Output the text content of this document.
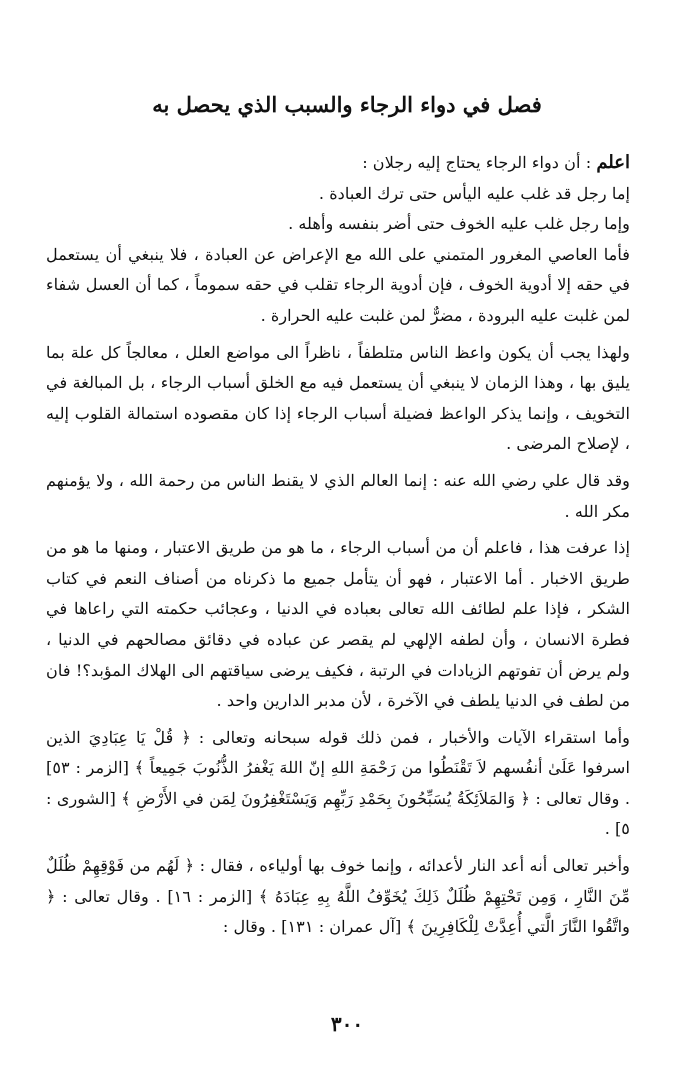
فصل في دواء الرجاء والسبب الذي يحصل به

اعلم : أن دواء الرجاء يحتاج إليه رجلان :

إما رجل قد غلب عليه اليأس حتى ترك العبادة .

وإما رجل غلب عليه الخوف حتى أضر بنفسه وأهله .

فأما العاصي المغرور المتمني على الله مع الإعراض عن العبادة ، فلا ينبغي أن يستعمل في حقه إلا أدوية الخوف ، فإن أدوية الرجاء تقلب في حقه سموماً ، كما أن العسل شفاء لمن غلبت عليه البرودة ، مضرٌّ لمن غلبت عليه الحرارة .

ولهذا يجب أن يكون واعظ الناس متلطفاً ، ناظراً الى مواضع العلل ، معالجاً كل علة بما يليق بها ، وهذا الزمان لا ينبغي أن يستعمل فيه مع الخلق أسباب الرجاء ، بل المبالغة في التخويف ، وإنما يذكر الواعظ فضيلة أسباب الرجاء إذا كان مقصوده استمالة القلوب إليه ، لإصلاح المرضى .

وقد قال علي رضي الله عنه : إنما العالم الذي لا يقنط الناس من رحمة الله ، ولا يؤمنهم مكر الله .

إذا عرفت هذا ، فاعلم أن من أسباب الرجاء ، ما هو من طريق الاعتبار ، ومنها ما هو من طريق الاخبار . أما الاعتبار ، فهو أن يتأمل جميع ما ذكرناه من أصناف النعم في كتاب الشكر ، فإذا علم لطائف الله تعالى بعباده في الدنيا ، وعجائب حكمته التي راعاها في فطرة الانسان ، وأن لطفه الإلهي لم يقصر عن عباده في دقائق مصالحهم في الدنيا ، ولم يرض أن تفوتهم الزيادات في الرتبة ، فكيف يرضى سياقتهم الى الهلاك المؤبد؟! فان من لطف في الدنيا يلطف في الآخرة ، لأن مدبر الدارين واحد .

وأما استقراء الآيات والأخبار ، فمن ذلك قوله سبحانه وتعالى : ﴿ قُلْ يَا عِبَادِيَ الذين اسرفوا عَلَىٰ أنفُسهم لاَ تَقْنَطُوا من رَحْمَةِ اللهِ إنّ اللهَ يَغْفرُ الذُّنُوبَ جَمِيعاً ﴾ [الزمر : ٥٣] . وقال تعالى : ﴿ وَالمَلاَئِكَةُ يُسَبِّحُونَ بِحَمْدِ رَبِّهِم وَيَسْتَغْفِرُونَ لِمَن في الأَرْضِ ﴾ [الشورى : ٥] .

وأخبر تعالى أنه أعد النار لأعدائه ، وإنما خوف بها أولياءه ، فقال : ﴿ لَهُم من فَوْقِهِمْ ظُلَلٌ مِّنَ النَّارِ ، وَمِن تَحْتِهِمْ ظُلَلٌ ذَلِكَ يُخَوِّفُ اللَّهُ بِهِ عِبَادَهُ ﴾ [الزمر : ١٦] . وقال تعالى : ﴿ واتَّقُوا النَّارَ الَّتي أُعِدَّتْ لِلْكَافِرِينَ ﴾ [آل عمران : ١٣١] . وقال :

٣٠٠
